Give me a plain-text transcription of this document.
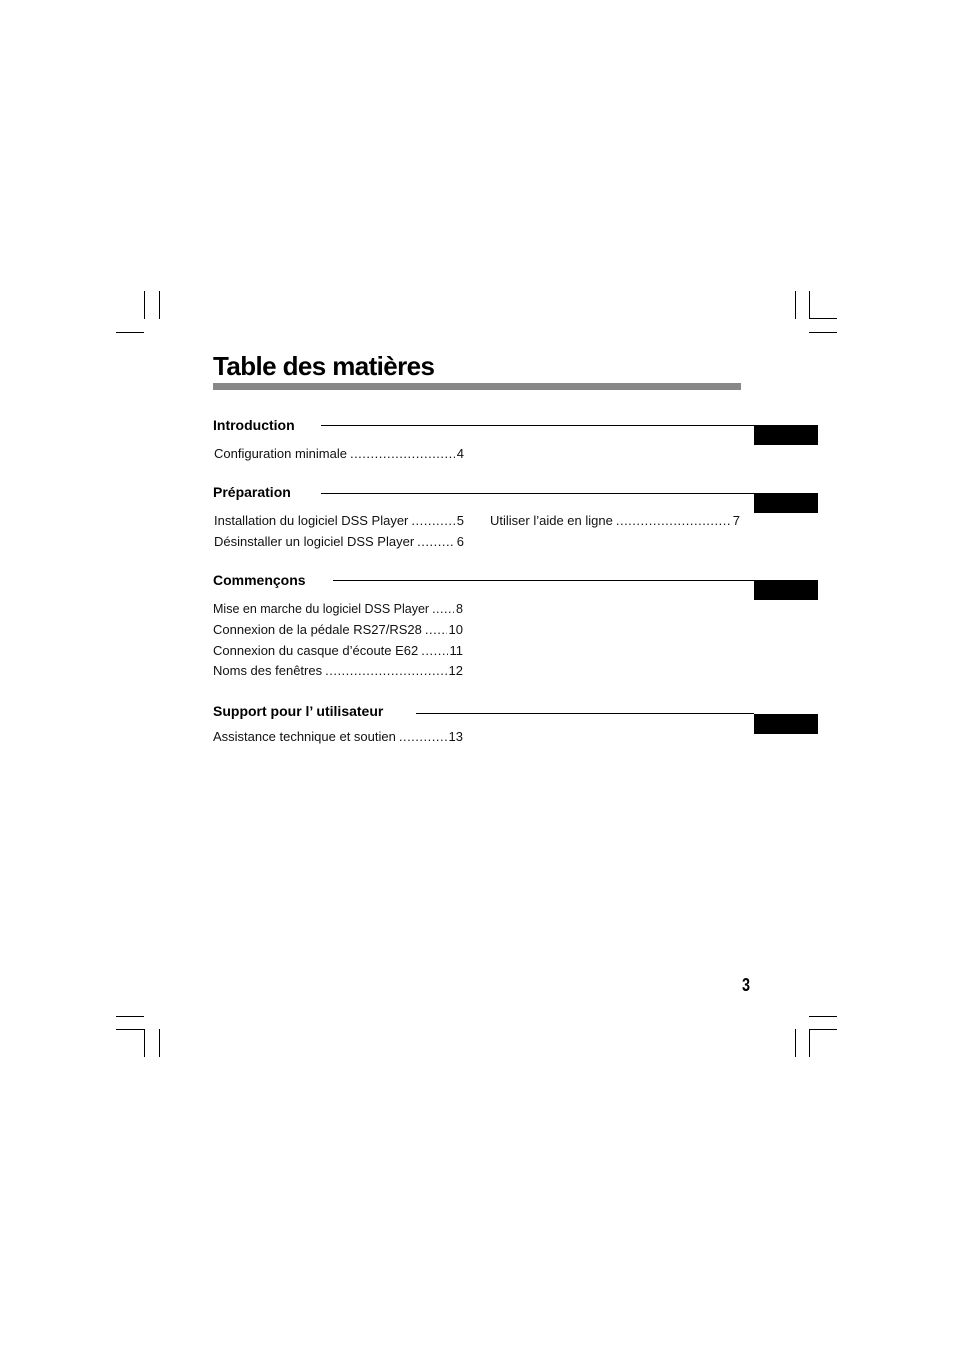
Table des matières
Introduction
Configuration minimale .....	4
Préparation
Installation du logiciel DSS Player .....	5
Désinstaller un logiciel DSS Player .....	6
Utiliser l’aide en ligne .....	7
Commençons
Mise en marche du logiciel DSS Player ..... 8
Connexion de la pédale RS27/RS28 ..... 10
Connexion du casque d’écoute E62 ..... 11
Noms des fenêtres .....	12
Support pour l’ utilisateur
Assistance technique et soutien .....	13
3
